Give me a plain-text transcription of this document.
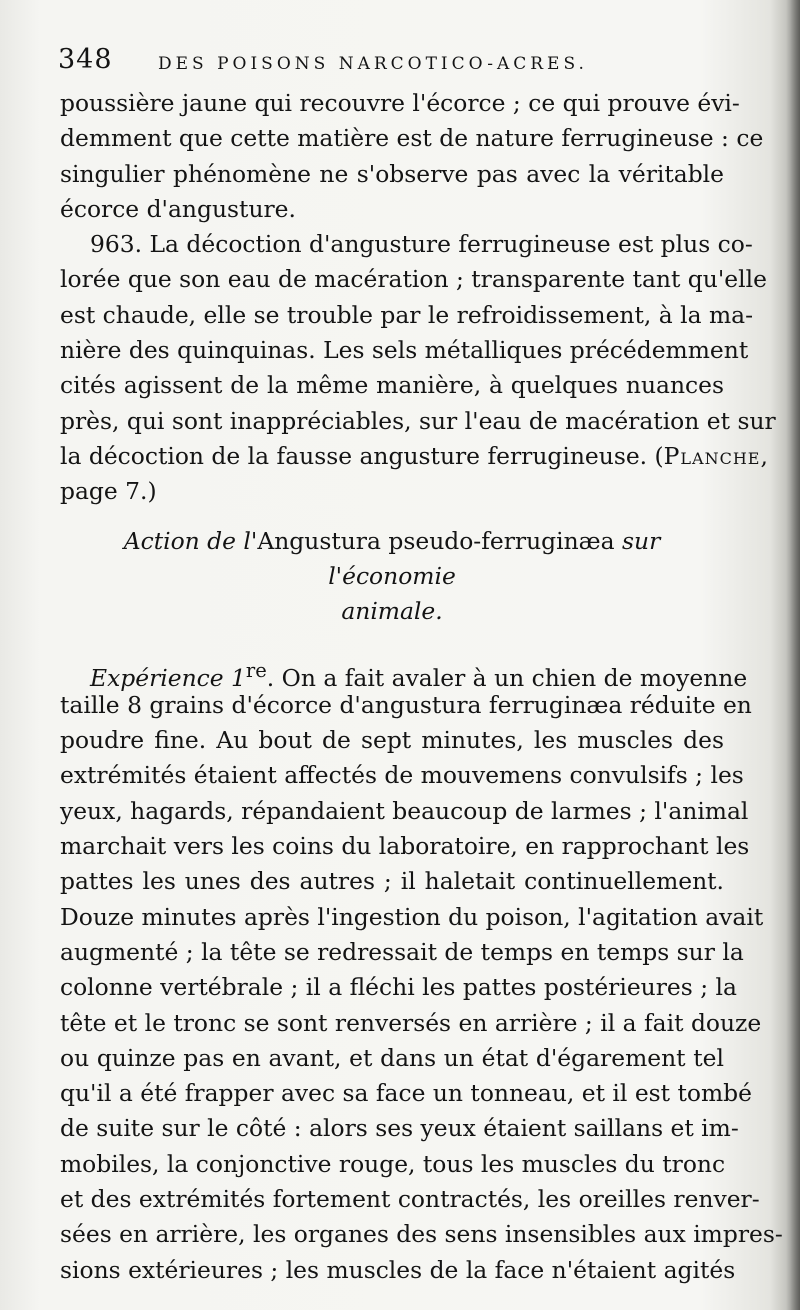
348	DES POISONS NARCOTICO-ACRES.
poussière jaune qui recouvre l'écorce ; ce qui prouve évi-
demment que cette matière est de nature ferrugineuse : ce
singulier phénomène ne s'observe pas avec la véritable
écorce d'angusture.
963. La décoction d'angusture ferrugineuse est plus co-
lorée que son eau de macération ; transparente tant qu'elle
est chaude, elle se trouble par le refroidissement, à la ma-
nière des quinquinas. Les sels métalliques précédemment
cités agissent de la même manière, à quelques nuances
près, qui sont inappréciables, sur l'eau de macération et sur
la décoction de la fausse angusture ferrugineuse. (Planche,
page 7.)
Action de l'Angustura pseudo-ferruginæa sur l'économie
animale.
Expérience 1re. On a fait avaler à un chien de moyenne
taille 8 grains d'écorce d'angustura ferruginæa réduite en
poudre fine. Au bout de sept minutes, les muscles des
extrémités étaient affectés de mouvemens convulsifs ; les
yeux, hagards, répandaient beaucoup de larmes ; l'animal
marchait vers les coins du laboratoire, en rapprochant les
pattes les unes des autres ; il haletait continuellement.
Douze minutes après l'ingestion du poison, l'agitation avait
augmenté ; la tête se redressait de temps en temps sur la
colonne vertébrale ; il a fléchi les pattes postérieures ; la
tête et le tronc se sont renversés en arrière ; il a fait douze
ou quinze pas en avant, et dans un état d'égarement tel
qu'il a été frapper avec sa face un tonneau, et il est tombé
de suite sur le côté : alors ses yeux étaient saillans et im-
mobiles, la conjonctive rouge, tous les muscles du tronc
et des extrémités fortement contractés, les oreilles renver-
sées en arrière, les organes des sens insensibles aux impres-
sions extérieures ; les muscles de la face n'étaient agités
